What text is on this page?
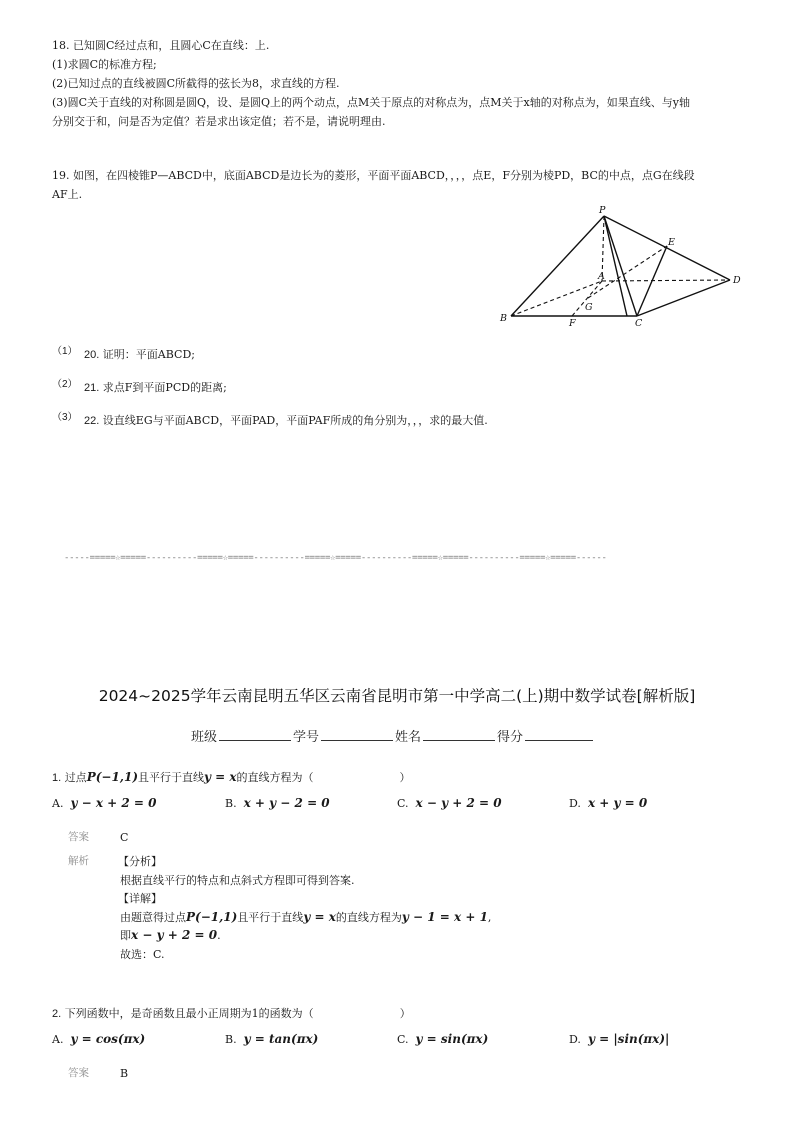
18. 已知圆C经过点和，且圆心C在直线：上.
(1)求圆C的标准方程;
(2)已知过点的直线被圆C所截得的弦长为8，求直线的方程.
(3)圆C关于直线的对称圆是圆Q，设、是圆Q上的两个动点，点M关于原点的对称点为，点M关于x轴的对称点为，如果直线、与y轴
分别交于和，问是否为定值？若是求出该定值；若不是，请说明理由.
19. 如图，在四棱锥P—ABCD中，底面ABCD是边长为的菱形，平面平面ABCD，，，，点E，F分别为棱PD，BC的中点，点G在线段
AF上.
P
E
A	D
B
G
F	C
（1） 20. 证明：平面ABCD;
（2） 21. 求点F到平面PCD的距离;
（3） 22. 设直线EG与平面ABCD，平面PAD，平面PAF所成的角分别为，，，求的最大值.
-----=====☆=====----------=====☆=====----------=====☆=====----------=====☆=====----------=====☆=====------
2024~2025学年云南昆明五华区云南省昆明市第一中学高二(上)期中数学试卷[解析版]
班级	学号	姓名	得分
1. 过点P(−1,1)且平行于直线y = x的直线方程为（	）
A. y − x + 2 = 0	B. x + y − 2 = 0	C. x − y + 2 = 0	D. x + y = 0
答案	C
解析	【分析】
根据直线平行的特点和点斜式方程即可得到答案.
【详解】
由题意得过点P(−1,1)且平行于直线y = x的直线方程为y − 1 = x + 1,
即x − y + 2 = 0.
故选：C.
2. 下列函数中，是奇函数且最小正周期为1的函数为（	）
A. y = cos(πx)	B. y = tan(πx)	C. y = sin(πx)	D. y = |sin(πx)|
答案	B
